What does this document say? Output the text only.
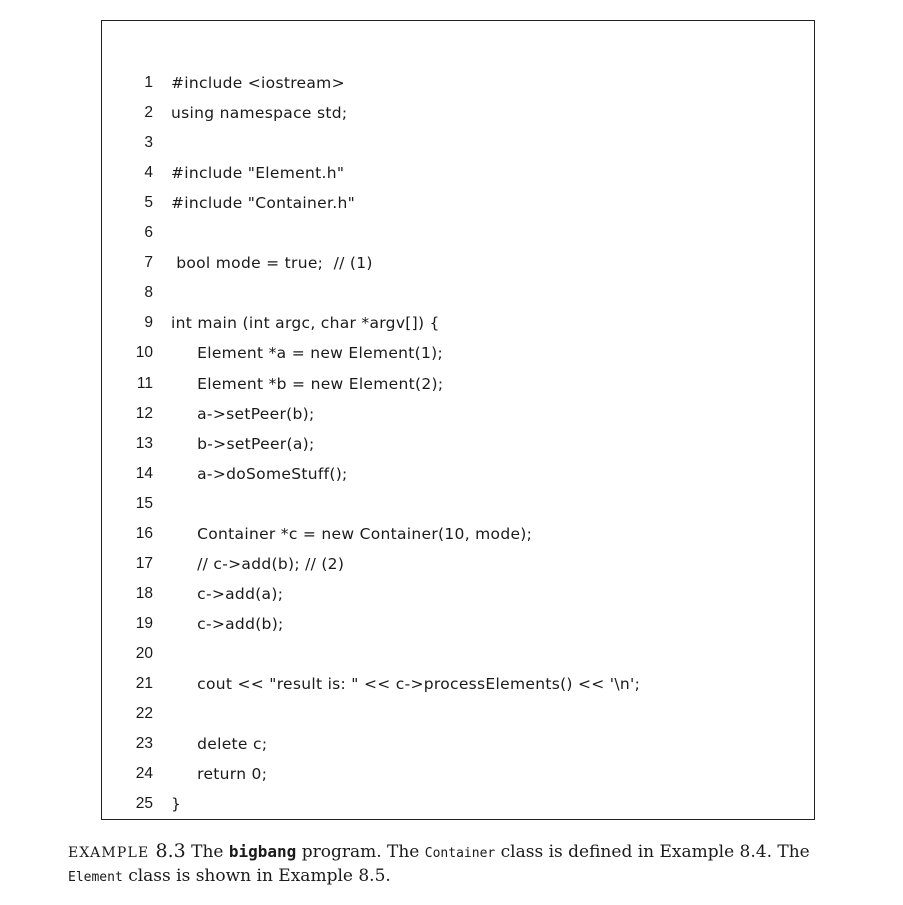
1 #include <iostream>
2 using namespace std;
3
4 #include "Element.h"
5 #include "Container.h"
6
7 bool mode = true;  // (1)
8
9 int main (int argc, char *argv[]) {
10 Element *a = new Element(1);
11 Element *b = new Element(2);
12 a->setPeer(b);
13 b->setPeer(a);
14 a->doSomeStuff();
15
16 Container *c = new Container(10, mode);
17 // c->add(b); // (2)
18 c->add(a);
19 c->add(b);
20
21 cout << "result is: " << c->processElements() << '\n';
22
23 delete c;
24 return 0;
25 }
EXAMPLE 8.3 The bigbang program. The Container class is defined in Example 8.4. The
Element class is shown in Example 8.5.
